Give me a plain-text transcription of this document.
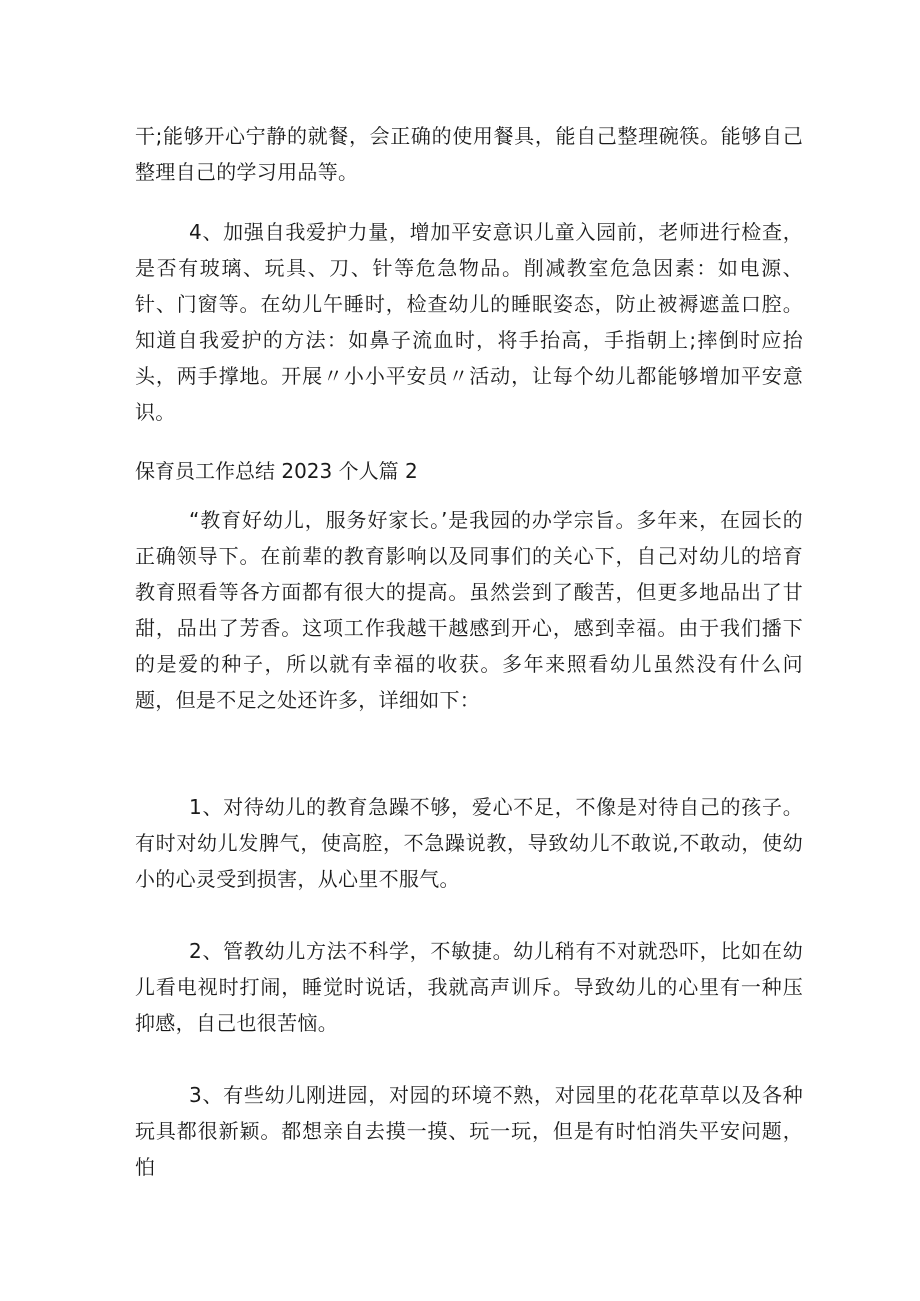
干;能够开心宁静的就餐，会正确的使用餐具，能自己整理碗筷。能够自己整理自己的学习用品等。

4、加强自我爱护力量，增加平安意识儿童入园前，老师进行检查，是否有玻璃、玩具、刀、针等危急物品。削减教室危急因素：如电源、针、门窗等。在幼儿午睡时，检查幼儿的睡眠姿态，防止被褥遮盖口腔。知道自我爱护的方法：如鼻子流血时，将手抬高，手指朝上;摔倒时应抬头，两手撑地。开展〃小小平安员〃活动，让每个幼儿都能够增加平安意识。

保育员工作总结 2023 个人篇 2

“教育好幼儿，服务好家长。’是我园的办学宗旨。多年来，在园长的正确领导下。在前辈的教育影响以及同事们的关心下，自己对幼儿的培育教育照看等各方面都有很大的提高。虽然尝到了酸苦，但更多地品出了甘甜，品出了芳香。这项工作我越干越感到开心，感到幸福。由于我们播下的是爱的种子，所以就有幸福的收获。多年来照看幼儿虽然没有什么问题，但是不足之处还许多，详细如下：

1、对待幼儿的教育急躁不够，爱心不足，不像是对待自己的孩子。有时对幼儿发脾气，使高腔，不急躁说教，导致幼儿不敢说,不敢动，使幼小的心灵受到损害，从心里不服气。

2、管教幼儿方法不科学，不敏捷。幼儿稍有不对就恐吓，比如在幼儿看电视时打闹，睡觉时说话，我就高声训斥。导致幼儿的心里有一种压抑感，自己也很苦恼。

3、有些幼儿刚进园，对园的环境不熟，对园里的花花草草以及各种玩具都很新颖。都想亲自去摸一摸、玩一玩，但是有时怕消失平安问题，怕
